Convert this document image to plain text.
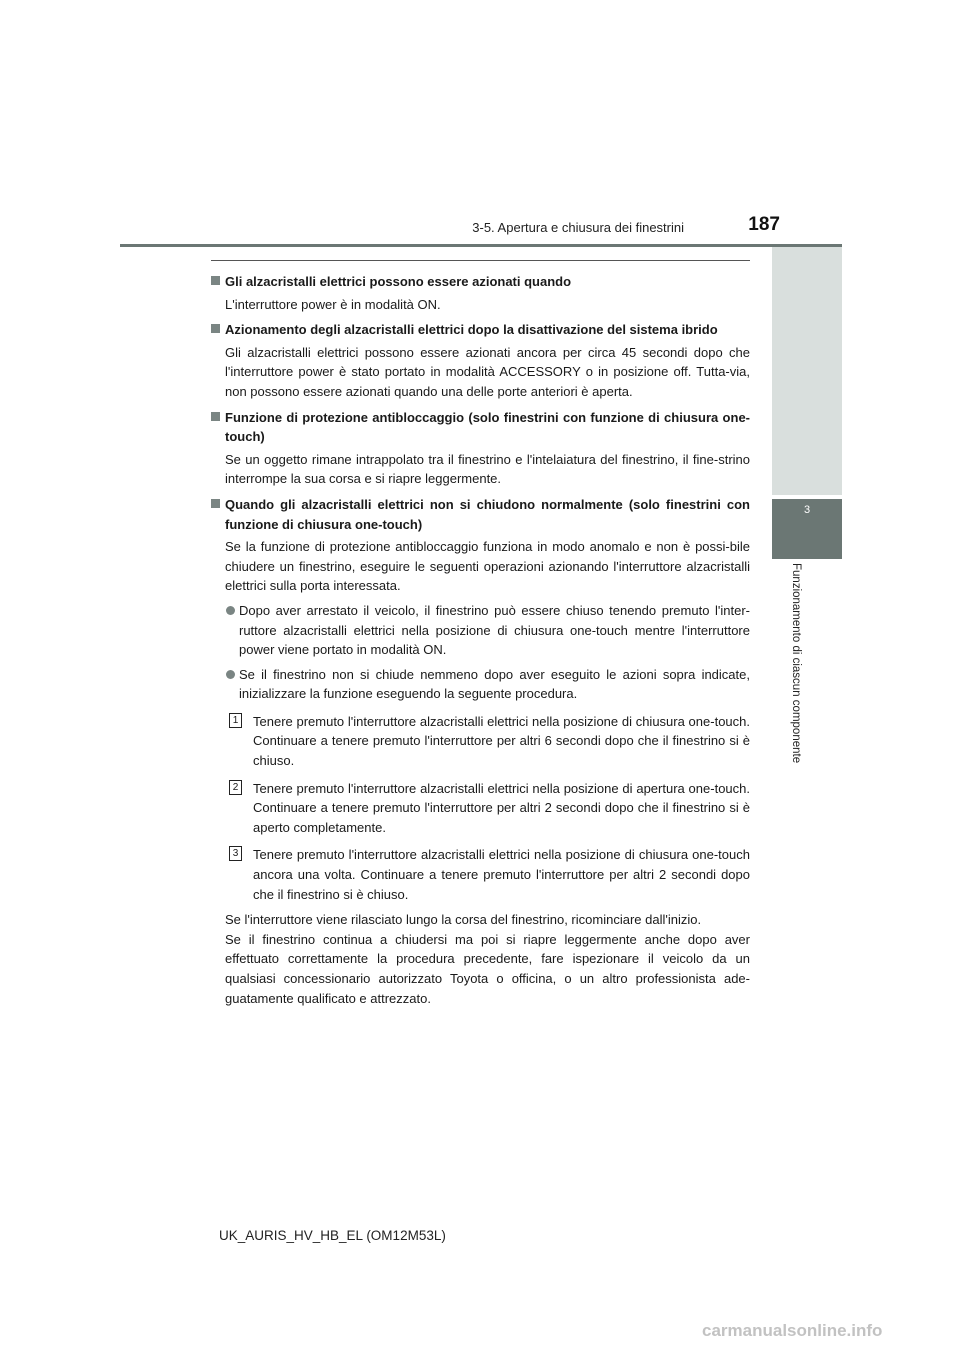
3-5. Apertura e chiusura dei finestrini	187
3
Funzionamento di ciascun componente
Gli alzacristalli elettrici possono essere azionati quando
L'interruttore power è in modalità ON.
Azionamento degli alzacristalli elettrici dopo la disattivazione del sistema ibrido
Gli alzacristalli elettrici possono essere azionati ancora per circa 45 secondi dopo che l'interruttore power è stato portato in modalità ACCESSORY o in posizione off. Tutta-via, non possono essere azionati quando una delle porte anteriori è aperta.
Funzione di protezione antibloccaggio (solo finestrini con funzione di chiusura one-touch)
Se un oggetto rimane intrappolato tra il finestrino e l'intelaiatura del finestrino, il fine-strino interrompe la sua corsa e si riapre leggermente.
Quando gli alzacristalli elettrici non si chiudono normalmente (solo finestrini con funzione di chiusura one-touch)
Se la funzione di protezione antibloccaggio funziona in modo anomalo e non è possi-bile chiudere un finestrino, eseguire le seguenti operazioni azionando l'interruttore alzacristalli elettrici sulla porta interessata.
Dopo aver arrestato il veicolo, il finestrino può essere chiuso tenendo premuto l'inter-ruttore alzacristalli elettrici nella posizione di chiusura one-touch mentre l'interruttore power viene portato in modalità ON.
Se il finestrino non si chiude nemmeno dopo aver eseguito le azioni sopra indicate, inizializzare la funzione eseguendo la seguente procedura.
1 Tenere premuto l'interruttore alzacristalli elettrici nella posizione di chiusura one-touch. Continuare a tenere premuto l'interruttore per altri 6 secondi dopo che il finestrino si è chiuso.
2 Tenere premuto l'interruttore alzacristalli elettrici nella posizione di apertura one-touch. Continuare a tenere premuto l'interruttore per altri 2 secondi dopo che il finestrino si è aperto completamente.
3 Tenere premuto l'interruttore alzacristalli elettrici nella posizione di chiusura one-touch ancora una volta. Continuare a tenere premuto l'interruttore per altri 2 secondi dopo che il finestrino si è chiuso.
Se l'interruttore viene rilasciato lungo la corsa del finestrino, ricominciare dall'inizio.
Se il finestrino continua a chiudersi ma poi si riapre leggermente anche dopo aver effettuato correttamente la procedura precedente, fare ispezionare il veicolo da un qualsiasi concessionario autorizzato Toyota o officina, o un altro professionista ade-guatamente qualificato e attrezzato.
UK_AURIS_HV_HB_EL (OM12M53L)
carmanualsonline.info
